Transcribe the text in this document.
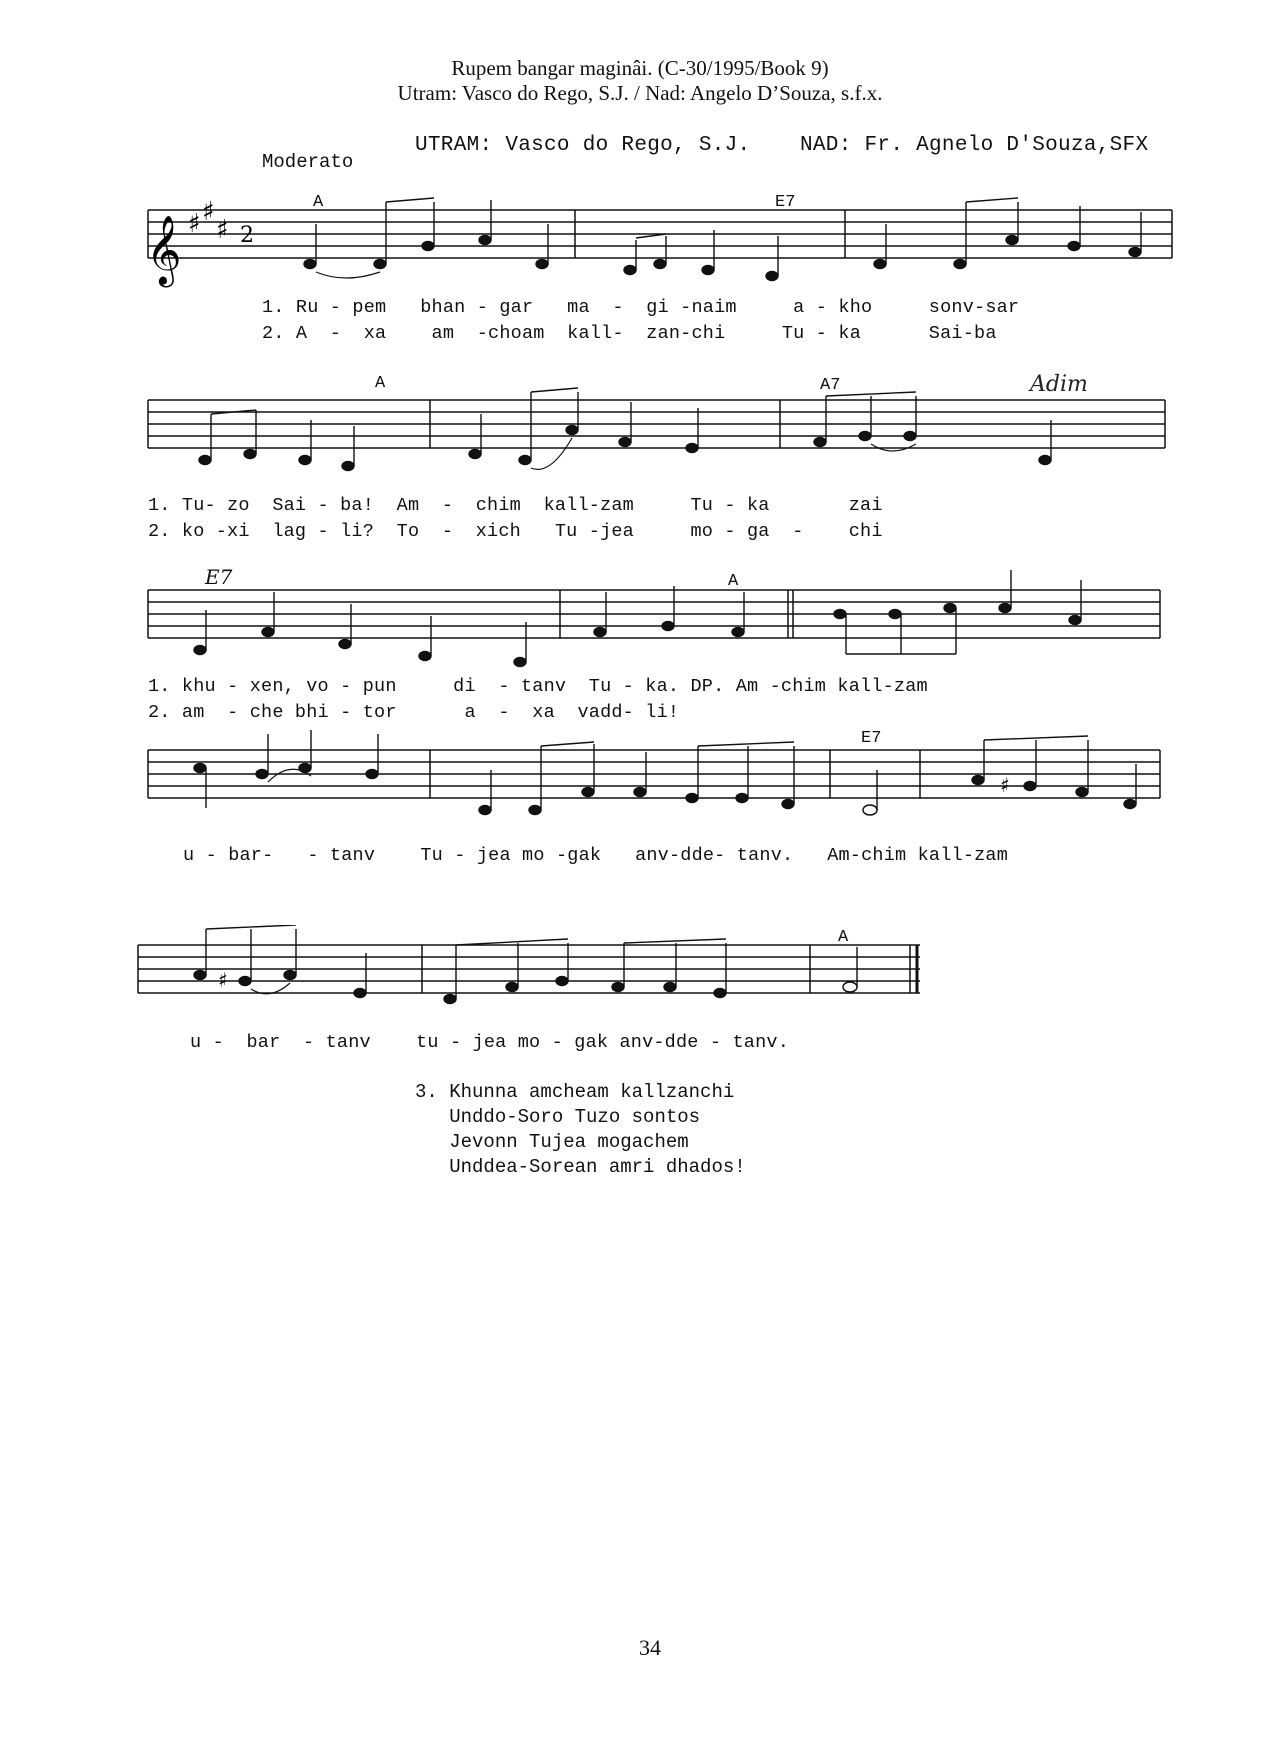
Rupem bangar maginâi. (C-30/1995/Book 9)
Utram: Vasco do Rego, S.J. / Nad: Angelo D’Souza, s.f.x.
UTRAM: Vasco do Rego, S.J. NAD: Fr. Agnelo D'Souza,SFX
Moderato
𝄞 ♯ ♯
♯ 2
A	E7
1. Ru - pem   bhan - gar   ma  -  gi -naim     a - kho     sonv-sar
2. A  -  xa    am  -choam  kall-  zan-chi     Tu - ka      Sai-ba
A	A7	Adim
1. Tu- zo  Sai - ba!  Am  -  chim  kall-zam     Tu - ka       zai
2. ko -xi  lag - li?  To  -  xich   Tu -jea     mo - ga  -    chi
E7	A
1. khu - xen, vo - pun     di  - tanv  Tu - ka. DP. Am -chim kall-zam
2. am  - che bhi - tor      a  -  xa  vadd- li!
♯
E7
u - bar-   - tanv    Tu - jea mo -gak   anv-dde- tanv.   Am-chim kall-zam
♯
A
u -  bar  - tanv    tu - jea mo - gak anv-dde - tanv.
3. Khunna amcheam kallzanchi
Unddo-Soro Tuzo sontos
Jevonn Tujea mogachem
Unddea-Sorean amri dhados!
34
